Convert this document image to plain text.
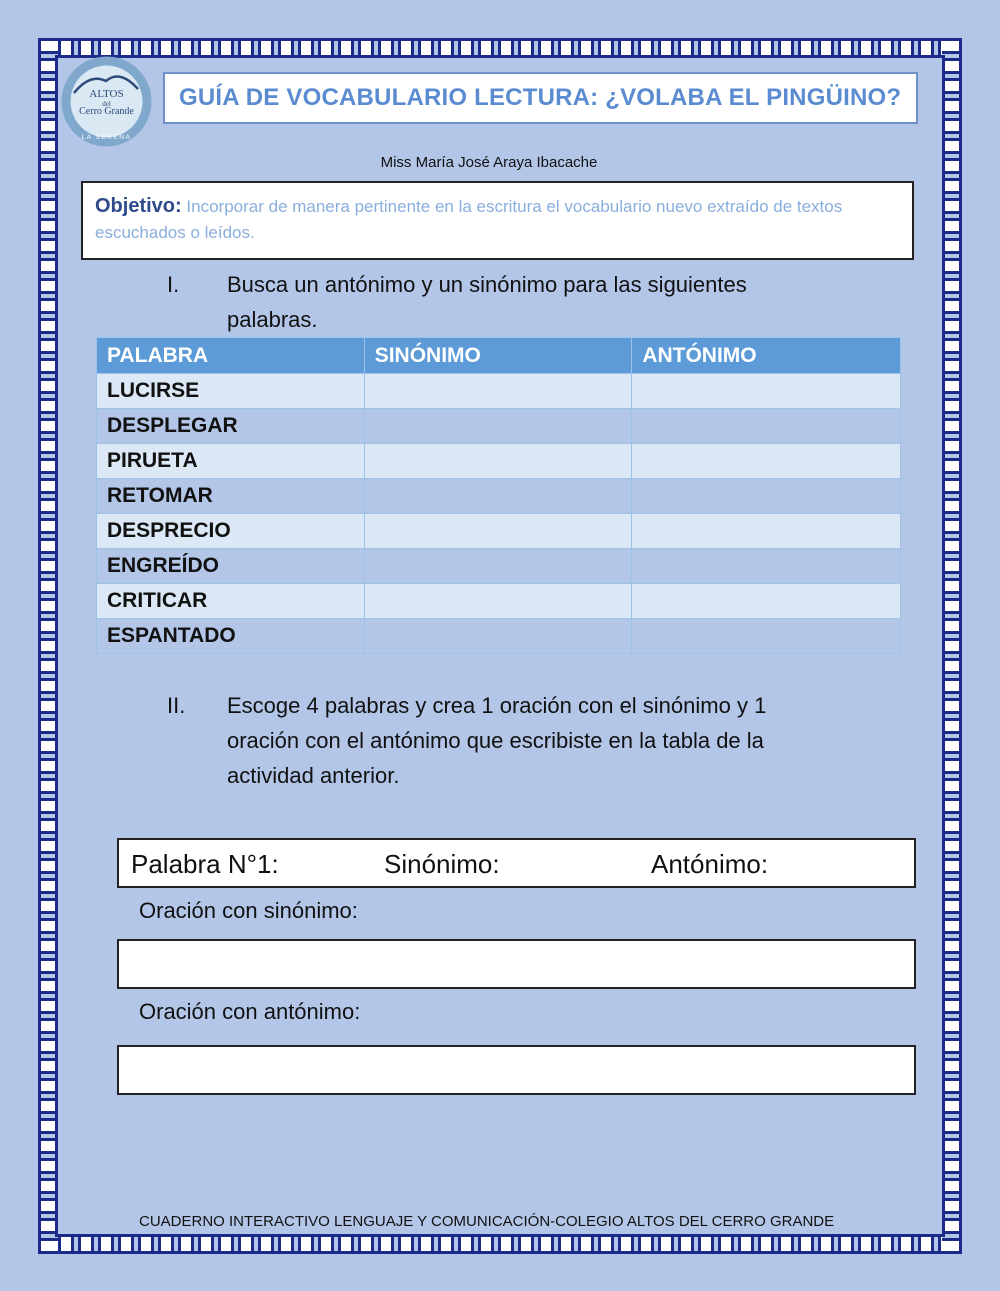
ALTOS
del
Cerro Grande
LA SERENA
GUÍA DE VOCABULARIO LECTURA: ¿VOLABA EL PINGÜINO?
Miss María José Araya Ibacache
Objetivo: Incorporar de manera pertinente en la escritura el vocabulario nuevo extraído de textos escuchados o leídos.
I. Busca un antónimo y un sinónimo para las siguientes
palabras.
PALABRA	SINÓNIMO	ANTÓNIMO
LUCIRSE		
DESPLEGAR		
PIRUETA		
RETOMAR		
DESPRECIO		
ENGREÍDO		
CRITICAR		
ESPANTADO		
II. Escoge 4 palabras y crea 1 oración con el sinónimo y 1
oración con el antónimo que escribiste en la tabla de la
actividad anterior.
Palabra N°1:	Sinónimo:	Antónimo:
Oración con sinónimo:
Oración con antónimo:
CUADERNO INTERACTIVO LENGUAJE Y COMUNICACIÓN-COLEGIO ALTOS DEL CERRO GRANDE
